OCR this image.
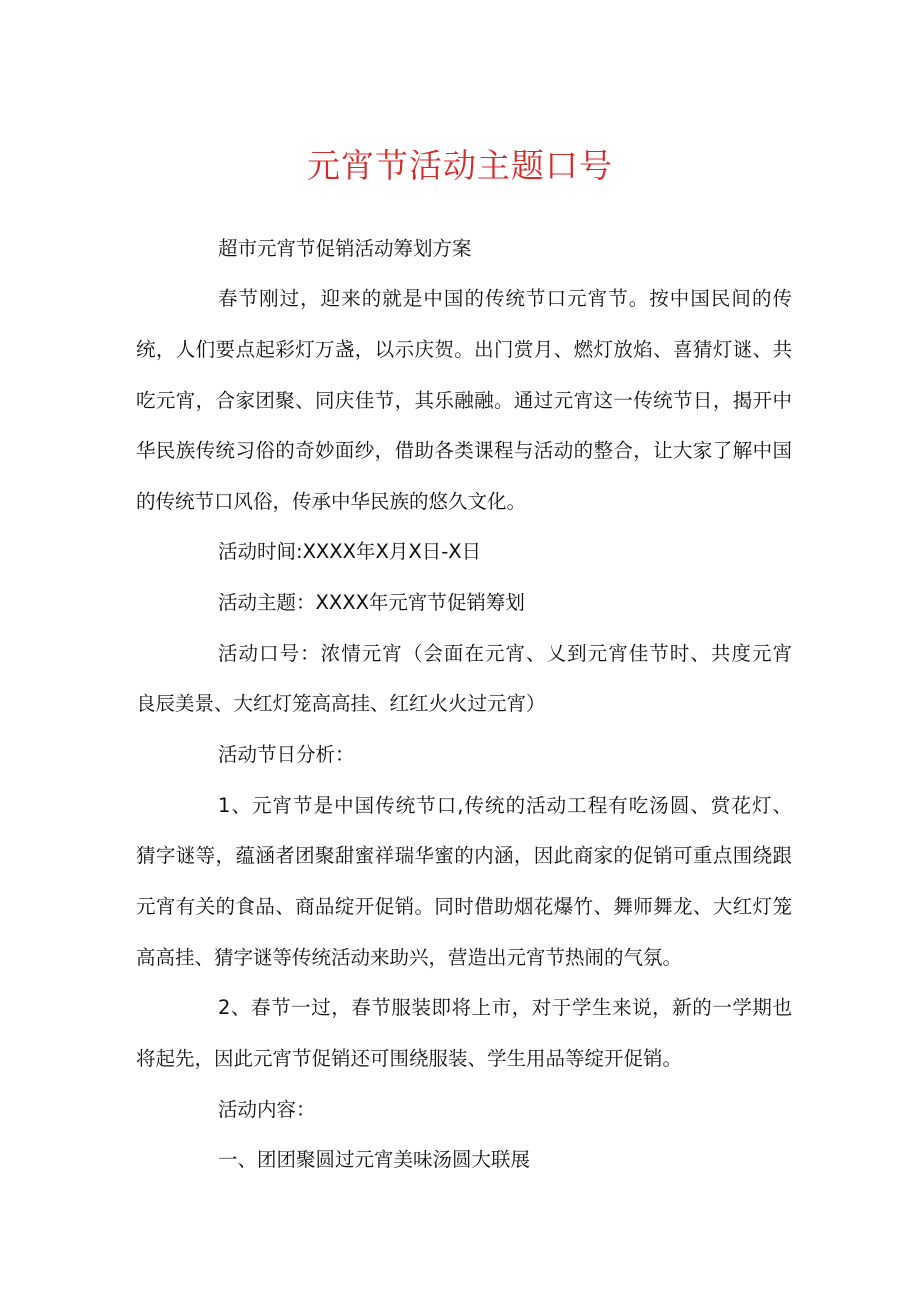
元宵节活动主题口号
超市元宵节促销活动筹划方案
春节刚过，迎来的就是中国的传统节口元宵节。按中国民间的传
统，人们要点起彩灯万盏，以示庆贺。出门赏月、燃灯放焰、喜猜灯谜、共
吃元宵，合家团聚、同庆佳节，其乐融融。通过元宵这一传统节日，揭开中
华民族传统习俗的奇妙面纱，借助各类课程与活动的整合，让大家了解中国
的传统节口风俗，传承中华民族的悠久文化。
活动时间:XXXX年X月X日-X日
活动主题：XXXX年元宵节促销筹划
活动口号：浓情元宵（会面在元宵、乂到元宵佳节时、共度元宵
良辰美景、大红灯笼高高挂、红红火火过元宵）
活动节日分析：
1、元宵节是中国传统节口,传统的活动工程有吃汤圆、赏花灯、
猜字谜等，蕴涵者团聚甜蜜祥瑞华蜜的内涵，因此商家的促销可重点围绕跟
元宵有关的食品、商品绽开促销。同时借助烟花爆竹、舞师舞龙、大红灯笼
高高挂、猜字谜等传统活动来助兴，营造出元宵节热闹的气氛。
2、春节一过，春节服装即将上市，对于学生来说，新的一学期也
将起先，因此元宵节促销还可围绕服装、学生用品等绽开促销。
活动内容：
一、团团聚圆过元宵美味汤圆大联展
